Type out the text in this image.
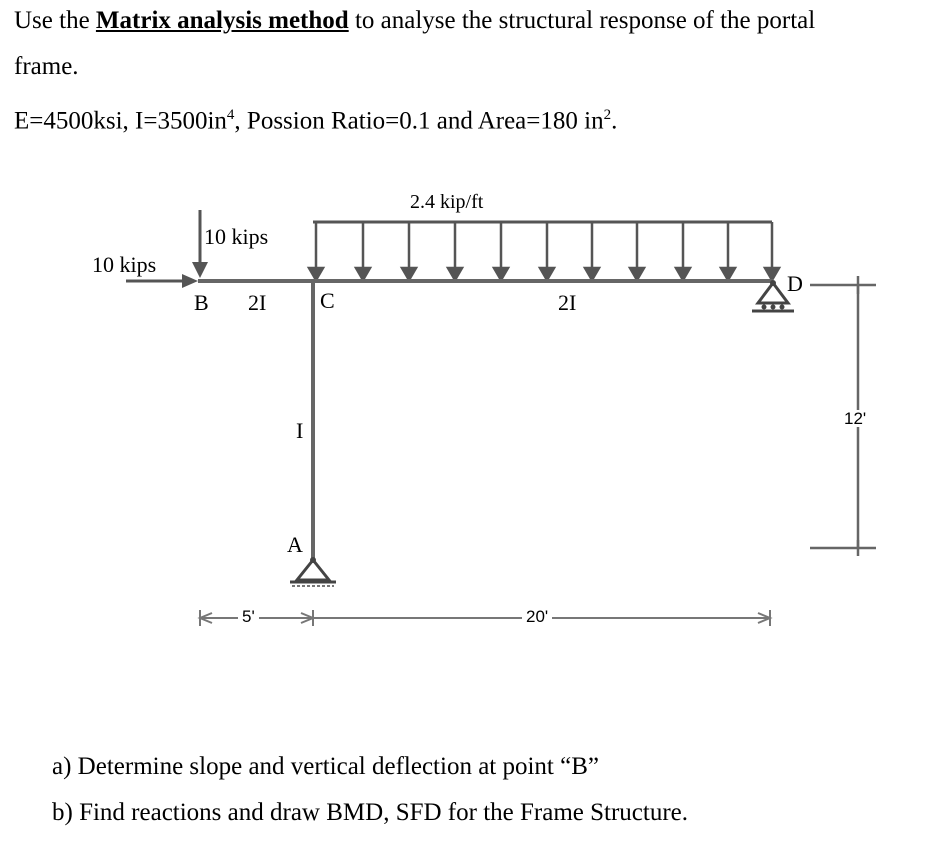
Use the Matrix analysis method to analyse the structural response of the portal
frame.
E=4500ksi, $I=3500in^4$, Possion Ratio=0.1 and Area=180 $in^2$.
2.4 kip/ft
10 kips
10 kips
B 2I C	2I
D
I
A
5'	20'
12'
a) Determine slope and vertical deflection at point “B”
b) Find reactions and draw BMD, SFD for the Frame Structure.
